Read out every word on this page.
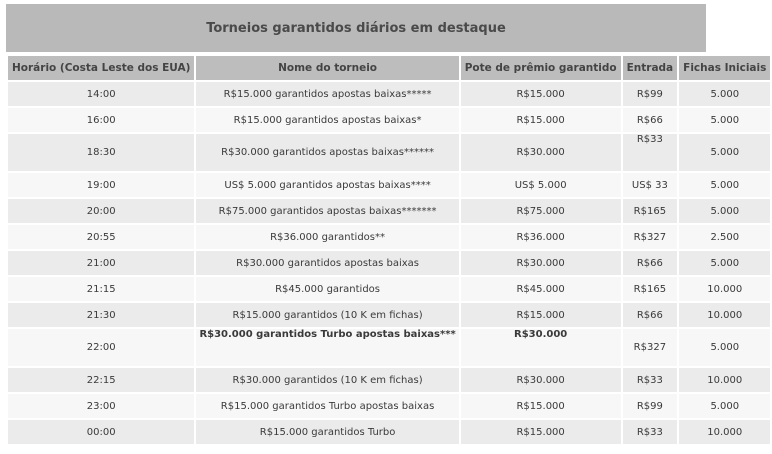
Torneios garantidos diários em destaque
Horário (Costa Leste dos EUA)	Nome do torneio	Pote de prêmio garantido	Entrada	Fichas Iniciais
14:00	R$15.000 garantidos apostas baixas*****	R$15.000	R$99	5.000
16:00	R$15.000 garantidos apostas baixas*	R$15.000	R$66	5.000
18:30	R$30.000 garantidos apostas baixas******	R$30.000	R$33	5.000
19:00	US$ 5.000 garantidos apostas baixas****	US$ 5.000	US$ 33	5.000
20:00	R$75.000 garantidos apostas baixas*******	R$75.000	R$165	5.000
20:55	R$36.000 garantidos**	R$36.000	R$327	2.500
21:00	R$30.000 garantidos apostas baixas	R$30.000	R$66	5.000
21:15	R$45.000 garantidos	R$45.000	R$165	10.000
21:30	R$15.000 garantidos (10 K em fichas)	R$15.000	R$66	10.000
22:00	R$30.000 garantidos Turbo apostas baixas***	R$30.000	R$327	5.000
22:15	R$30.000 garantidos (10 K em fichas)	R$30.000	R$33	10.000
23:00	R$15.000 garantidos Turbo apostas baixas	R$15.000	R$99	5.000
00:00	R$15.000 garantidos Turbo	R$15.000	R$33	10.000
